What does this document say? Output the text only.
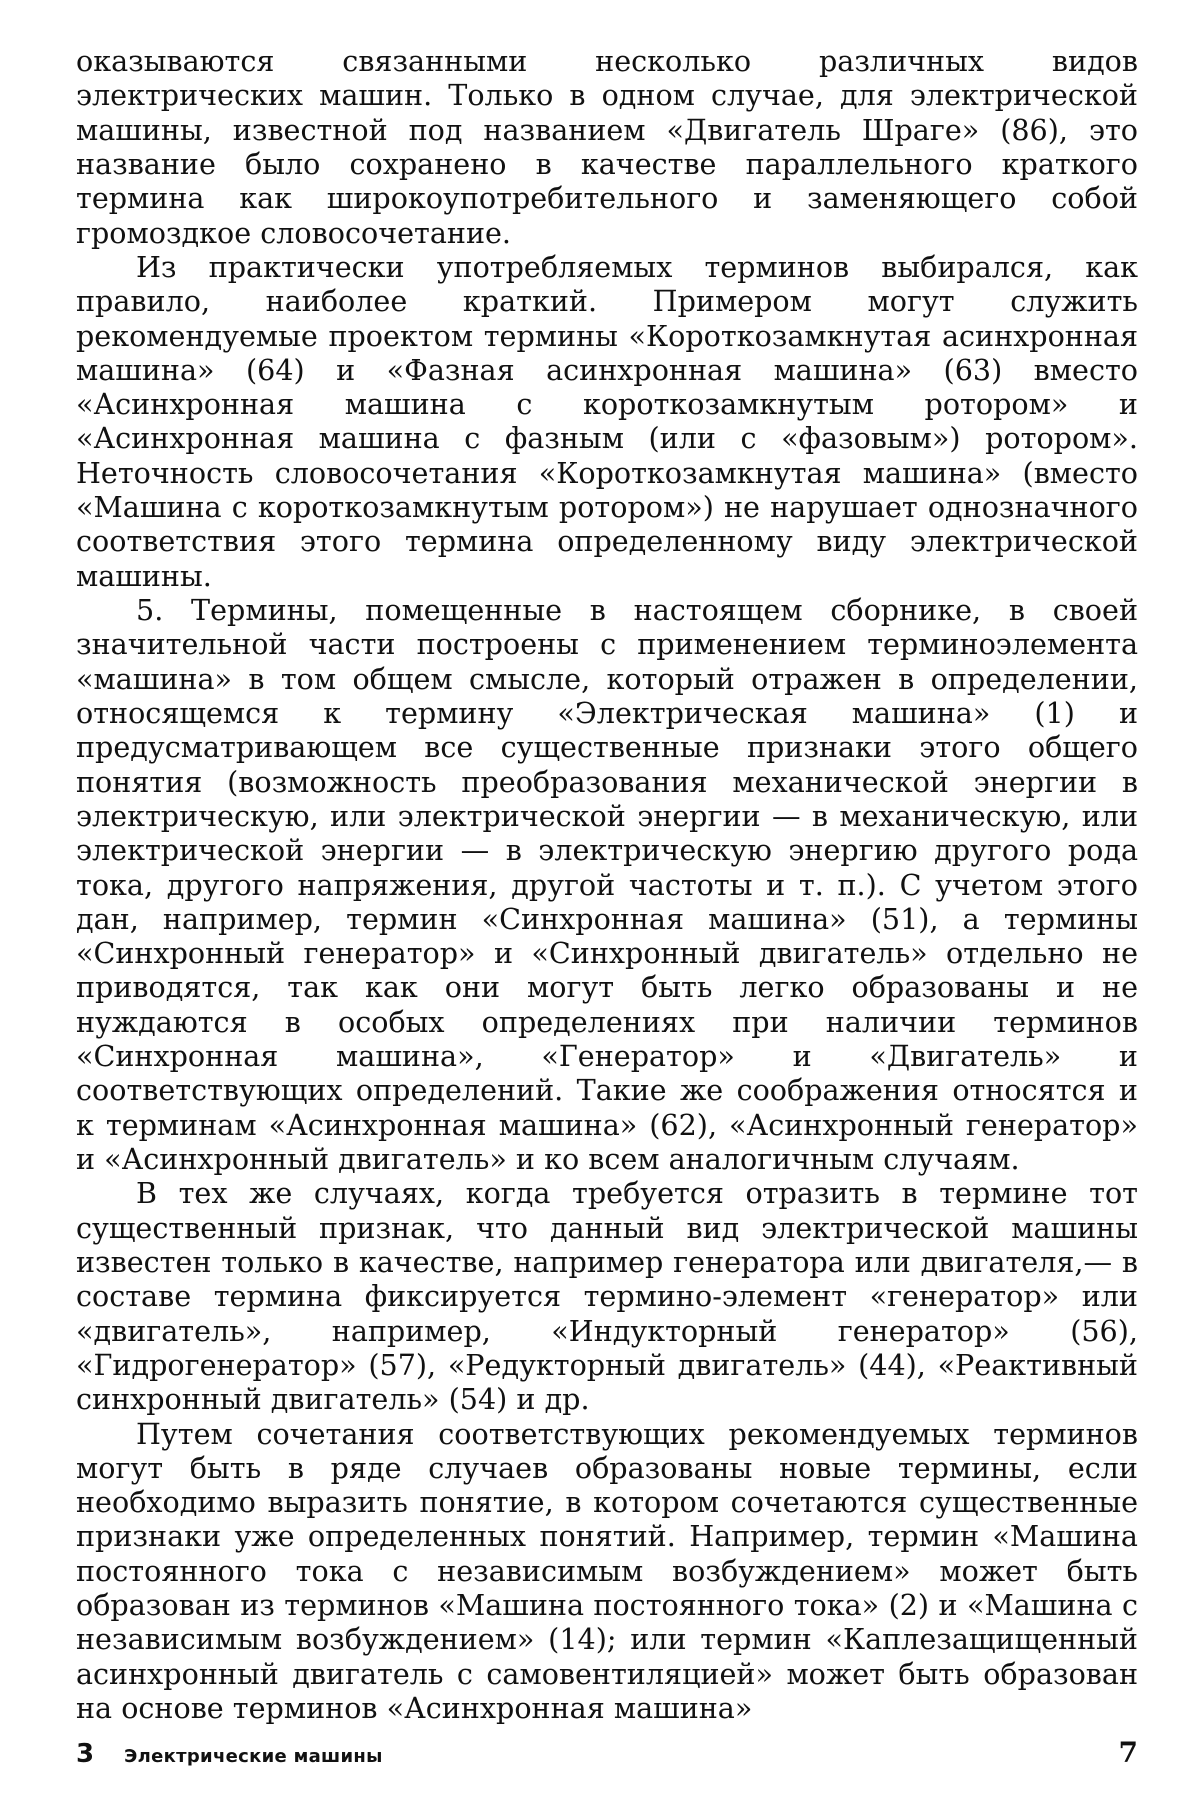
оказываются связанными несколько различных видов электрических машин. Только в одном случае, для электрической машины, известной под названием «Двигатель Шраге» (86), это название было сохранено в качестве параллельного краткого термина как широкоупотребительного и заменяющего собой громоздкое словосочетание.

Из практически употребляемых терминов выбирался, как правило, наиболее краткий. Примером могут служить рекомендуемые проектом термины «Короткозамкнутая асинхронная машина» (64) и «Фазная асинхронная машина» (63) вместо «Асинхронная машина с короткозамкнутым ротором» и «Асинхронная машина с фазным (или с «фазовым») ротором». Неточность словосочетания «Короткозамкнутая машина» (вместо «Машина с короткозамкнутым ротором») не нарушает однозначного соответствия этого термина определенному виду электрической машины.

5. Термины, помещенные в настоящем сборнике, в своей значительной части построены с применением терминоэлемента «машина» в том общем смысле, который отражен в определении, относящемся к термину «Электрическая машина» (1) и предусматривающем все существенные признаки этого общего понятия (возможность преобразования механической энергии в электрическую, или электрической энергии — в механическую, или электрической энергии — в электрическую энергию другого рода тока, другого напряжения, другой частоты и т. п.). С учетом этого дан, например, термин «Синхронная машина» (51), а термины «Синхронный генератор» и «Синхронный двигатель» отдельно не приводятся, так как они могут быть легко образованы и не нуждаются в особых определениях при наличии терминов «Синхронная машина», «Генератор» и «Двигатель» и соответствующих определений. Такие же соображения относятся и к терминам «Асинхронная машина» (62), «Асинхронный генератор» и «Асинхронный двигатель» и ко всем аналогичным случаям.

В тех же случаях, когда требуется отразить в термине тот существенный признак, что данный вид электрической машины известен только в качестве, например генератора или двигателя,— в составе термина фиксируется термино-элемент «генератор» или «двигатель», например, «Индукторный генератор» (56), «Гидрогенератор» (57), «Редукторный двигатель» (44), «Реактивный синхронный двигатель» (54) и др.

Путем сочетания соответствующих рекомендуемых терминов могут быть в ряде случаев образованы новые термины, если необходимо выразить понятие, в котором сочетаются существенные признаки уже определенных понятий. Например, термин «Машина постоянного тока с независимым возбуждением» может быть образован из терминов «Машина постоянного тока» (2) и «Машина с независимым возбуждением» (14); или термин «Каплезащищенный асинхронный двигатель с самовентиляцией» может быть образован на основе терминов «Асинхронная машина»

3 Электрические машины	7
